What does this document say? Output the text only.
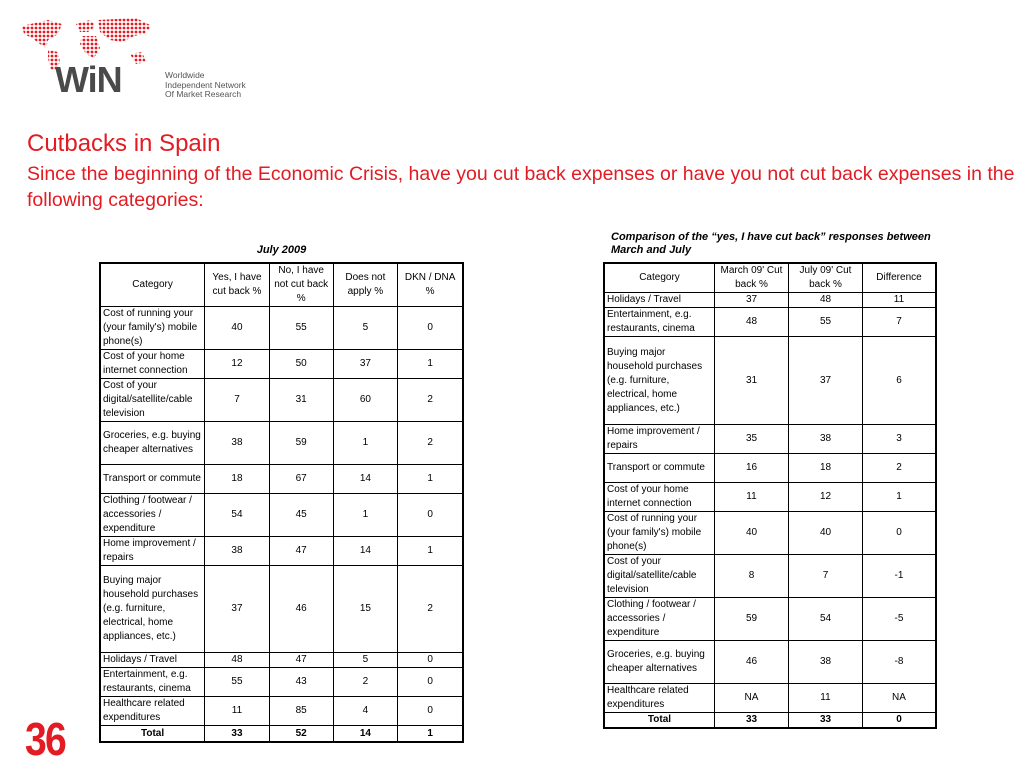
WiN	Worldwide
Independent Network
Of Market Research
Cutbacks in Spain
Since the beginning of the Economic Crisis, have you cut back expenses or have you not cut back expenses in the following categories:
July 2009
Comparison of the “yes, I have cut back” responses between March and July
Category	Yes, I have cut back %	No, I have not cut back %	Does not apply %	DKN / DNA %
Cost of running your (your family's) mobile phone(s)	40	55	5	0
Cost of your home internet connection	12	50	37	1
Cost of your digital/satellite/cable television	7	31	60	2
Groceries, e.g. buying cheaper alternatives	38	59	1	2
Transport or commute	18	67	14	1
Clothing / footwear / accessories / expenditure	54	45	1	0
Home improvement / repairs	38	47	14	1
Buying major household purchases (e.g. furniture, electrical, home appliances, etc.)	37	46	15	2
Holidays / Travel	48	47	5	0
Entertainment, e.g. restaurants, cinema	55	43	2	0
Healthcare related expenditures	11	85	4	0
Total	33	52	14	1
Category	March 09' Cut back %	July 09' Cut back %	Difference
Holidays / Travel	37	48	11
Entertainment, e.g. restaurants, cinema	48	55	7
Buying major household purchases (e.g. furniture, electrical, home appliances, etc.)	31	37	6
Home improvement / repairs	35	38	3
Transport or commute	16	18	2
Cost of your home internet connection	11	12	1
Cost of running your (your family's) mobile phone(s)	40	40	0
Cost of your digital/satellite/cable television	8	7	-1
Clothing / footwear / accessories / expenditure	59	54	-5
Groceries, e.g. buying cheaper alternatives	46	38	-8
Healthcare related expenditures	NA	11	NA
Total	33	33	0
36
